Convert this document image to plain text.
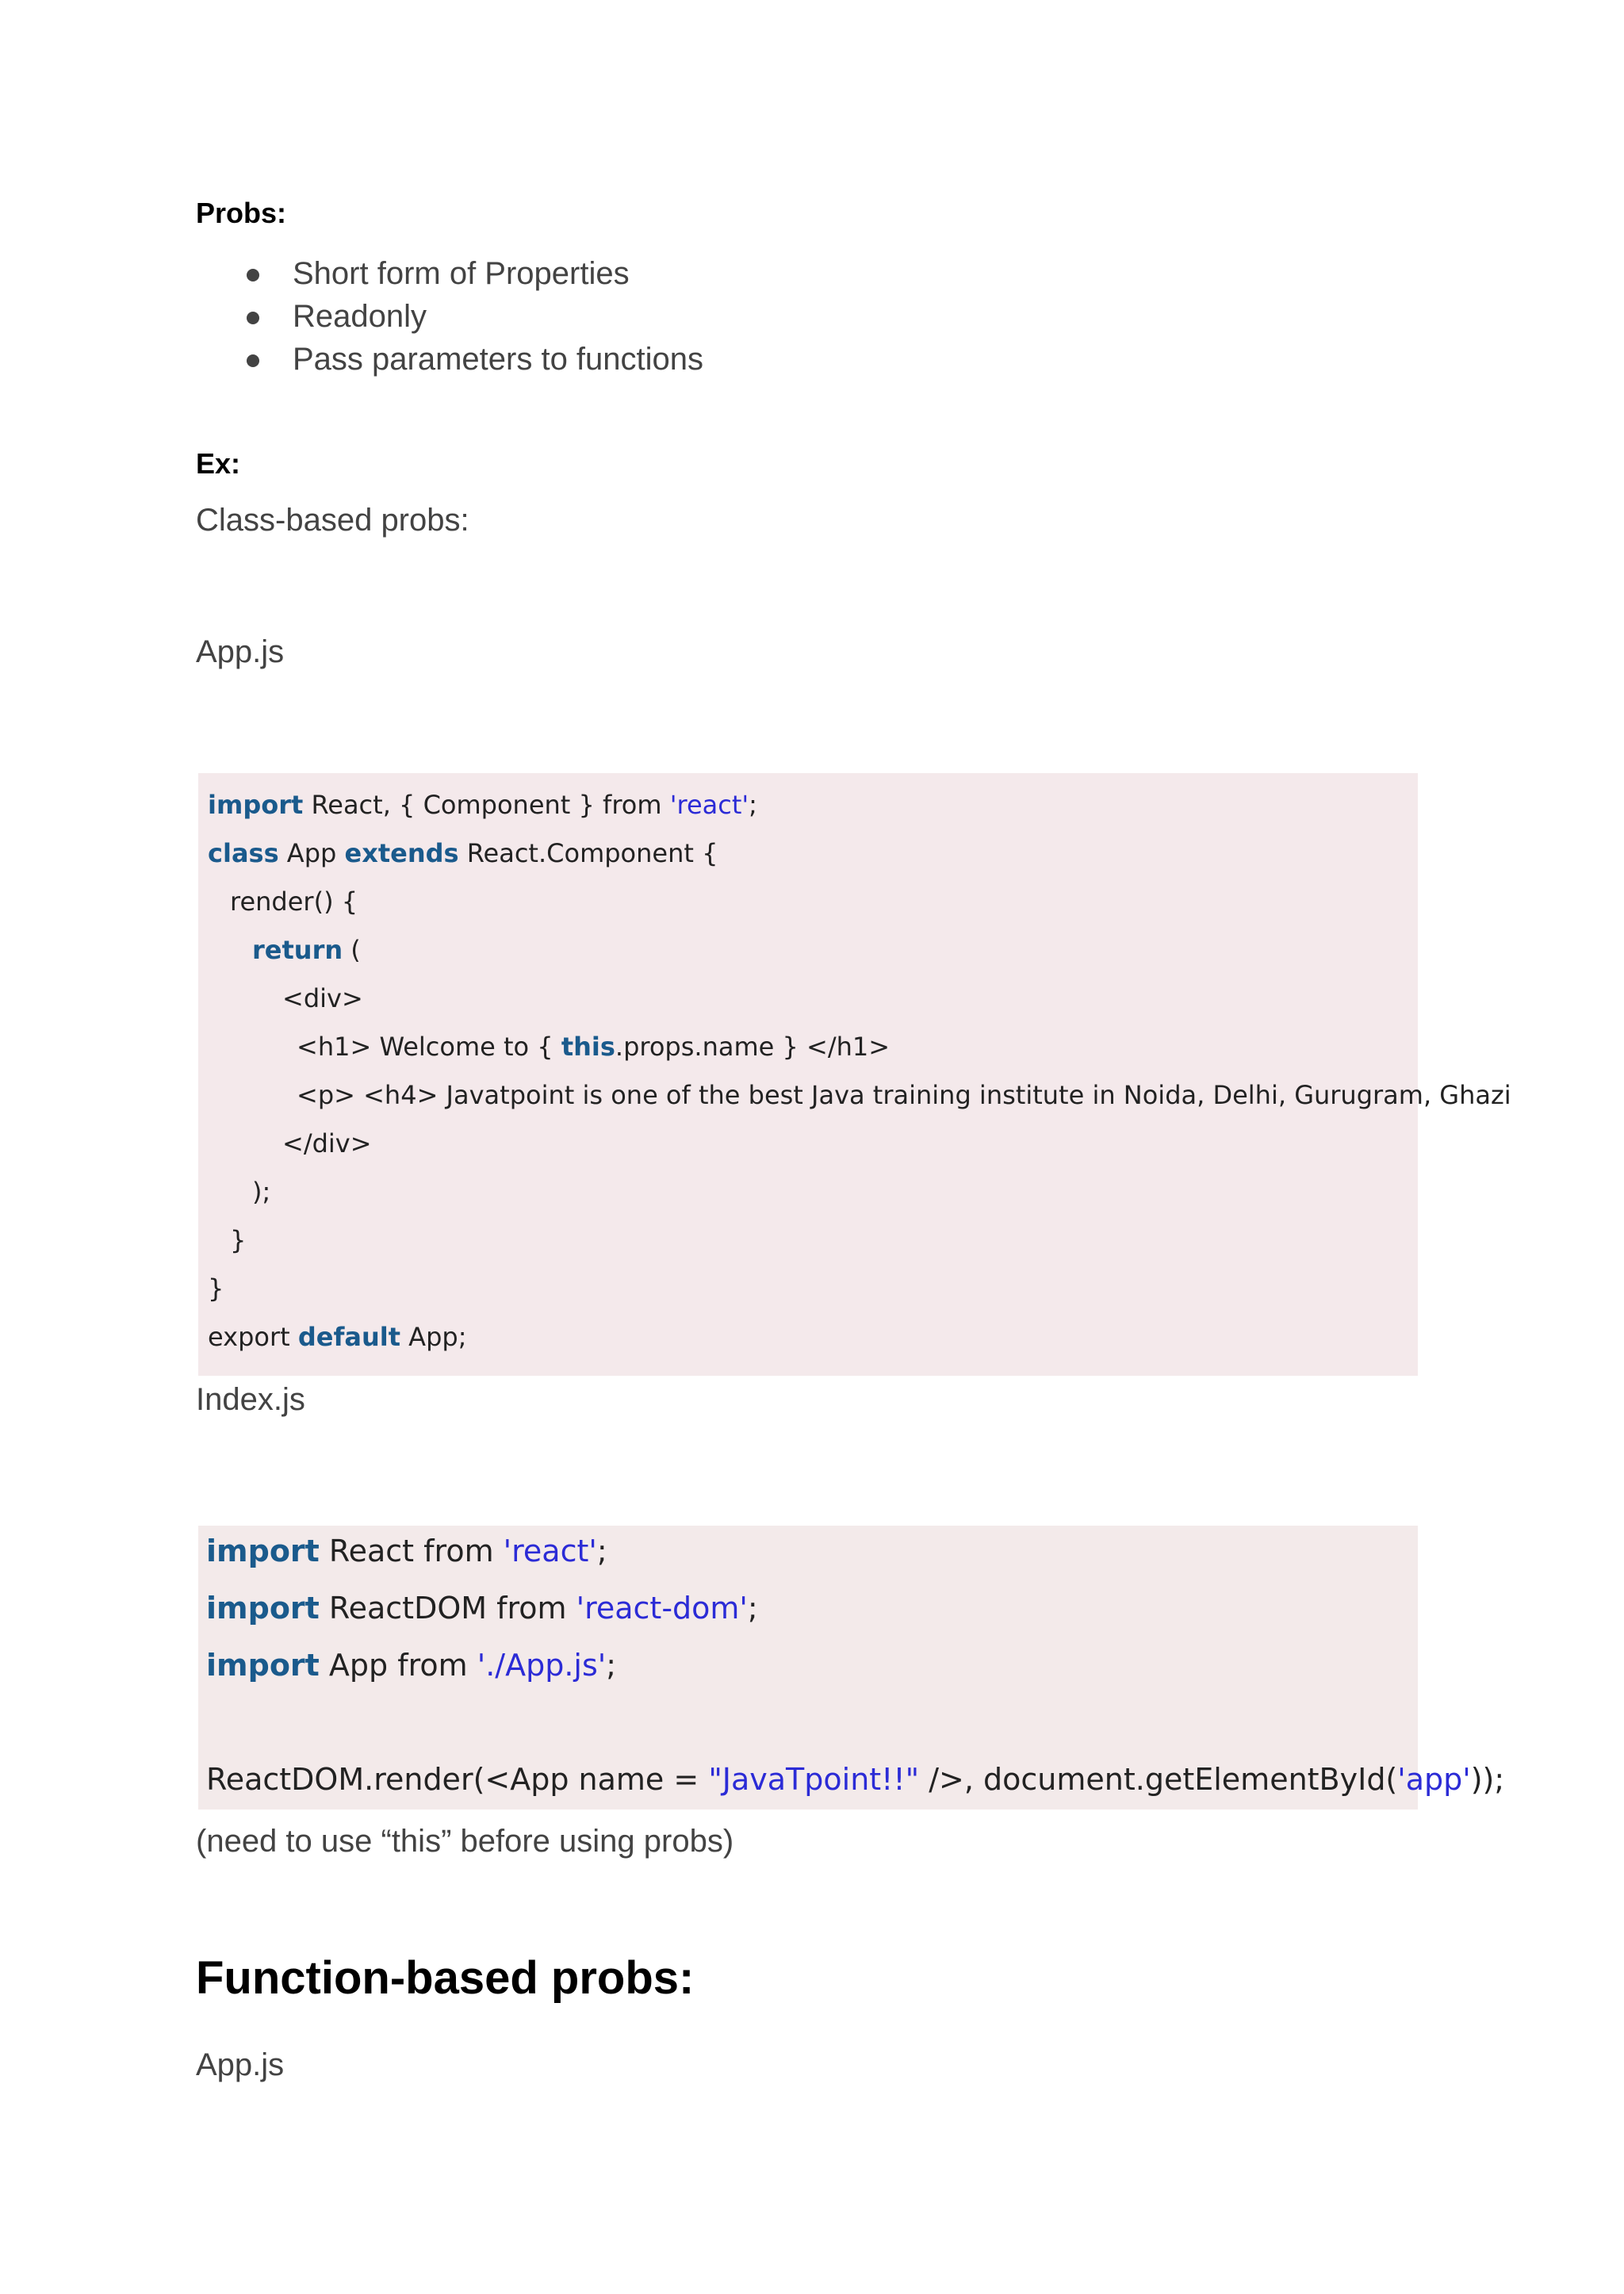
Probs:

Short form of Properties
Readonly
Pass parameters to functions

Ex:

Class-based probs:

App.js

import React, { Component } from 'react';
class App extends React.Component {
render() {
return (
<div>
<h1> Welcome to { this.props.name } </h1>
<p> <h4> Javatpoint is one of the best Java training institute in Noida, Delhi, Gurugram, Ghazi
</div>
);
}
}
export default App;

Index.js

import React from 'react';
import ReactDOM from 'react-dom';
import App from './App.js';
ReactDOM.render(<App name = "JavaTpoint!!" />, document.getElementById('app'));

(need to use “this” before using probs)

Function-based probs:

App.js
